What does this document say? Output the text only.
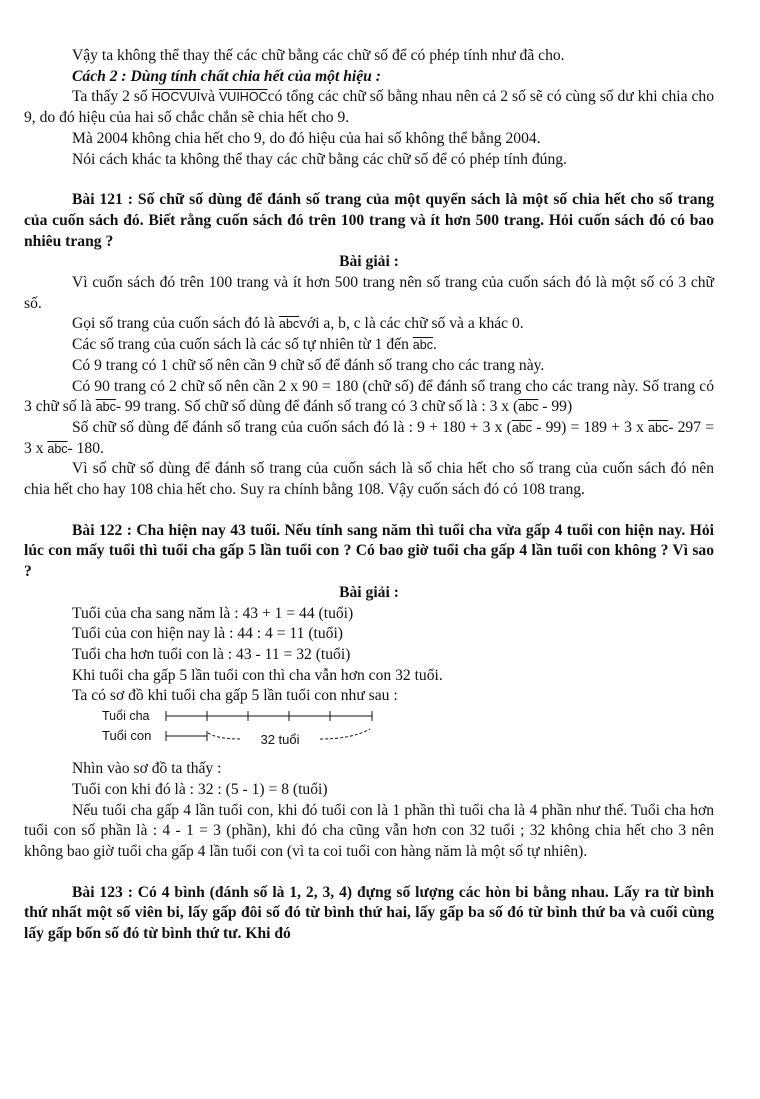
Vậy ta không thể thay thế các chữ bằng các chữ số để có phép tính như đã cho.

Cách 2 : Dùng tính chất chia hết của một hiệu :

Ta thấy 2 số HOCVUIvà VUIHOCcó tổng các chữ số bằng nhau nên cả 2 số sẽ có cùng số dư khi chia cho 9, do đó hiệu của hai số chắc chắn sẽ chia hết cho 9.

Mà 2004 không chia hết cho 9, do đó hiệu của hai số không thể bằng 2004.

Nói cách khác ta không thể thay các chữ bằng các chữ số để có phép tính đúng.

Bài 121 : Số chữ số dùng để đánh số trang của một quyển sách là một số chia hết cho số trang của cuốn sách đó. Biết rằng cuốn sách đó trên 100 trang và ít hơn 500 trang. Hỏi cuốn sách đó có bao nhiêu trang ?

Bài giải :

Vì cuốn sách đó trên 100 trang và ít hơn 500 trang nên số trang của cuốn sách đó là một số có 3 chữ số.

Gọi số trang của cuốn sách đó là $\overline{abc}với$ a, b, c là các chữ số và a khác 0.

Các số trang của cuốn sách là các số tự nhiên từ 1 đến $\overline{abc}$.

Có 9 trang có 1 chữ số nên cần 9 chữ số để đánh số trang cho các trang này.

Có 90 trang có 2 chữ số nên cần 2 x 90 = 180 (chữ số) để đánh số trang cho các trang này. Số trang có 3 chữ số là $\overline{abc}-$ 99 trang. Số chữ số dùng để đánh số trang có 3 chữ số là : 3 x $(\overline{abc} - 99)$

Số chữ số dùng để đánh số trang của cuốn sách đó là : 9 + 180 + 3 x $(\overline{abc} - 99) = 189 + 3$ x $\overline{abc}-$ 297 = 3 x $\overline{abc}-$ 180.

Vì số chữ số dùng để đánh số trang của cuốn sách là số chia hết cho số trang của cuốn sách đó nên chia hết cho hay 108 chia hết cho. Suy ra chính bằng 108. Vậy cuốn sách đó có 108 trang.

Bài 122 : Cha hiện nay 43 tuổi. Nếu tính sang năm thì tuổi cha vừa gấp 4 tuổi con hiện nay. Hỏi lúc con mấy tuổi thì tuổi cha gấp 5 lần tuổi con ? Có bao giờ tuổi cha gấp 4 lần tuổi con không ? Vì sao ?

Bài giải :

Tuổi của cha sang năm là : 43 + 1 = 44 (tuổi)

Tuổi của con hiện nay là : 44 : 4 = 11 (tuổi)

Tuổi cha hơn tuổi con là : 43 - 11 = 32 (tuổi)

Khi tuổi cha gấp 5 lần tuổi con thì cha vẫn hơn con 32 tuổi.

Ta có sơ đồ khi tuổi cha gấp 5 lần tuổi con như sau :

Tuổi cha
Tuổi con	32 tuổi

Nhìn vào sơ đồ ta thấy :

Tuổi con khi đó là : 32 : (5 - 1) = 8 (tuổi)

Nếu tuổi cha gấp 4 lần tuổi con, khi đó tuổi con là 1 phần thì tuổi cha là 4 phần như thế. Tuổi cha hơn tuổi con số phần là : 4 - 1 = 3 (phần), khi đó cha cũng vẫn hơn con 32 tuổi ; 32 không chia hết cho 3 nên không bao giờ tuổi cha gấp 4 lần tuổi con (vì ta coi tuổi con hàng năm là một số tự nhiên).

Bài 123 : Có 4 bình (đánh số là 1, 2, 3, 4) đựng số lượng các hòn bi bằng nhau. Lấy ra từ bình thứ nhất một số viên bi, lấy gấp đôi số đó từ bình thứ hai, lấy gấp ba số đó từ bình thứ ba và cuối cùng lấy gấp bốn số đó từ bình thứ tư. Khi đó
